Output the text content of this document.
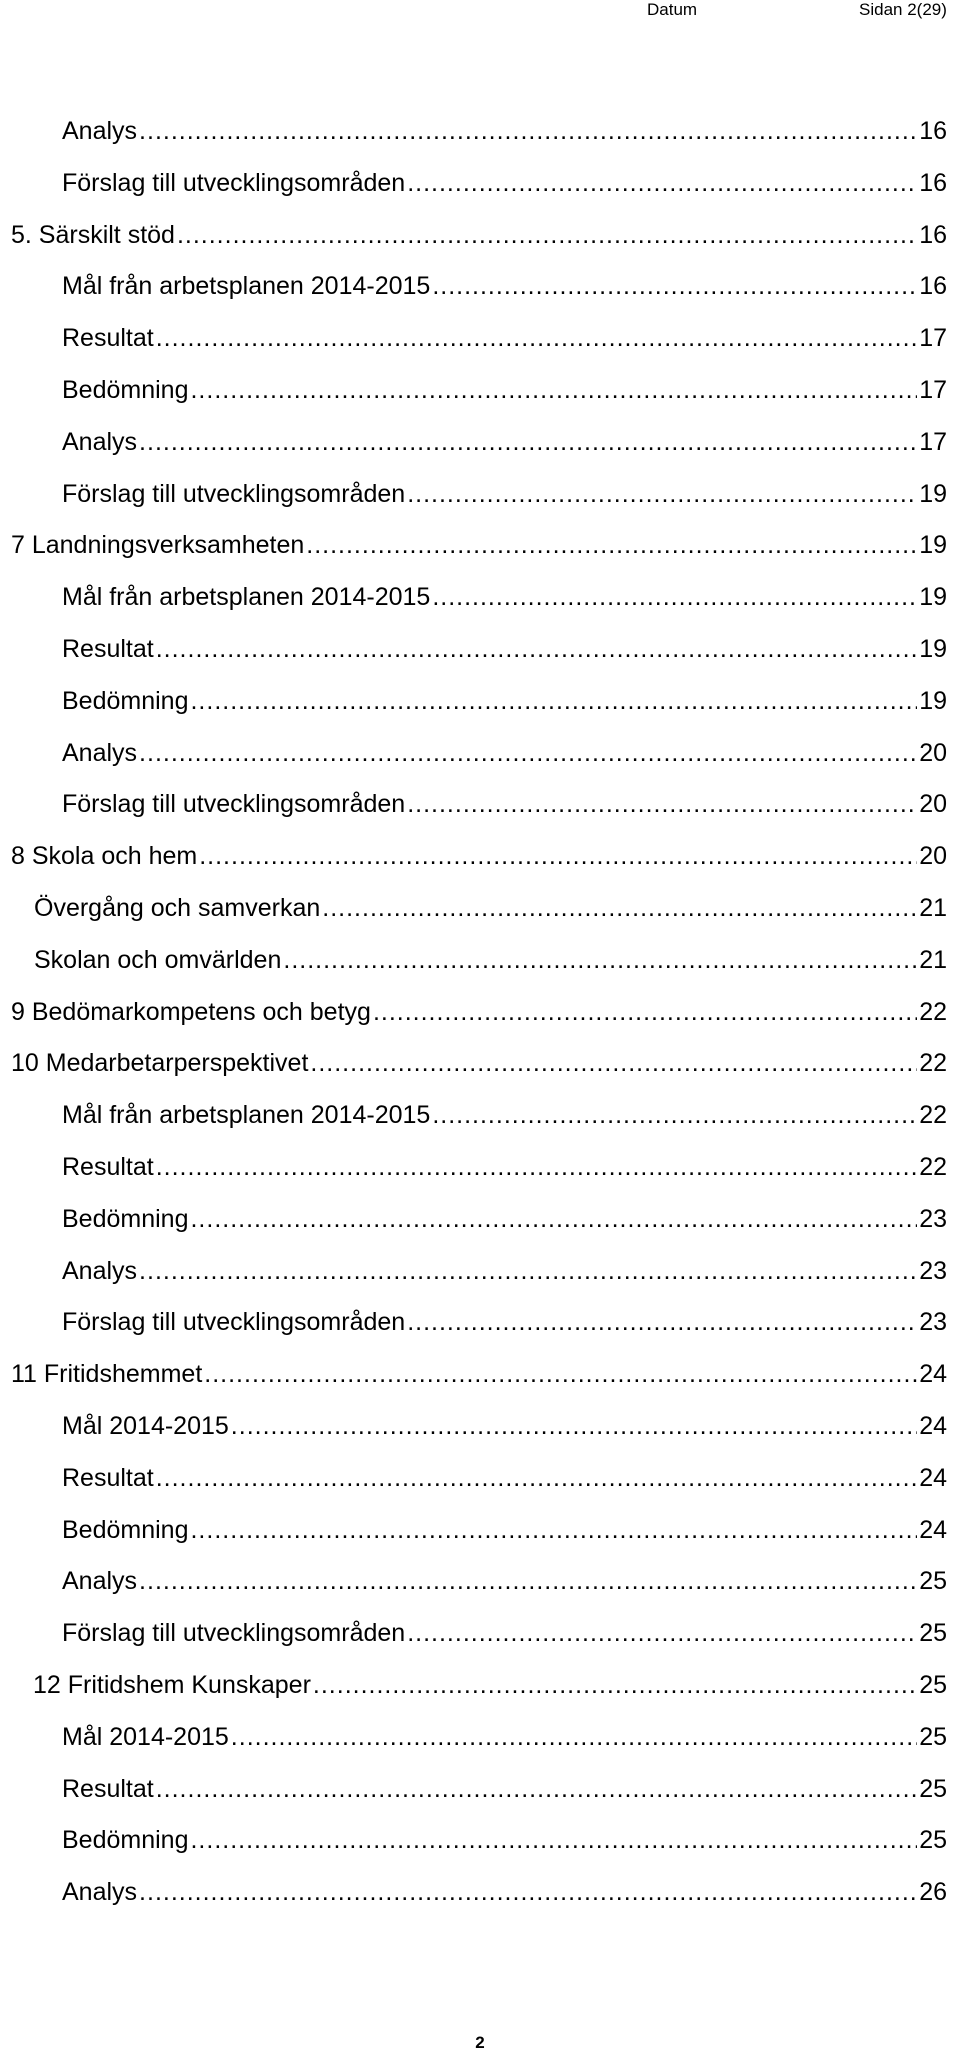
Datum	Sidan 2(29)
Analys .....	16
Förslag till utvecklingsområden .....	16
5. Särskilt stöd .....	16
Mål från arbetsplanen 2014-2015 .....	16
Resultat .....	17
Bedömning .....	17
Analys .....	17
Förslag till utvecklingsområden .....	19
7 Landningsverksamheten .....	19
Mål från arbetsplanen 2014-2015 .....	19
Resultat .....	19
Bedömning .....	19
Analys .....	20
Förslag till utvecklingsområden .....	20
8 Skola och hem .....	20
Övergång och samverkan .....	21
Skolan och omvärlden .....	21
9 Bedömarkompetens och betyg .....	22
10 Medarbetarperspektivet .....	22
Mål från arbetsplanen 2014-2015 .....	22
Resultat .....	22
Bedömning .....	23
Analys .....	23
Förslag till utvecklingsområden .....	23
11 Fritidshemmet .....	24
Mål 2014-2015 .....	24
Resultat .....	24
Bedömning .....	24
Analys .....	25
Förslag till utvecklingsområden .....	25
12 Fritidshem Kunskaper .....	25
Mål 2014-2015 .....	25
Resultat .....	25
Bedömning .....	25
Analys .....	26
2
